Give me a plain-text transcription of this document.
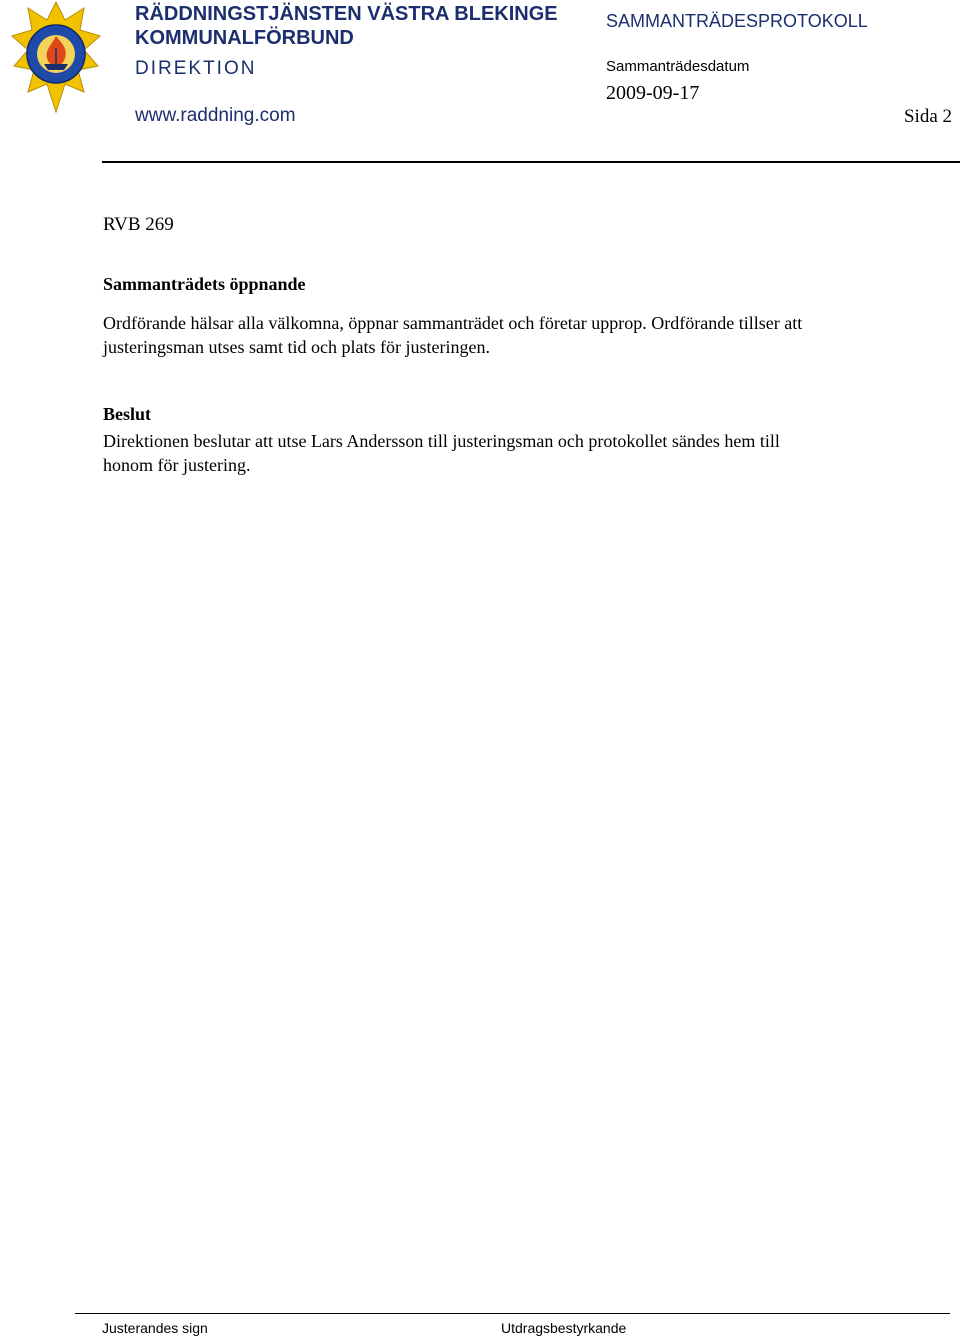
RÄDDNINGSTJÄNSTEN VÄSTRA BLEKINGE
KOMMUNALFÖRBUND
DIREKTION
www.raddning.com
SAMMANTRÄDESPROTOKOLL
Sammanträdesdatum
2009-09-17
Sida 2
RVB 269
Sammanträdets öppnande
Ordförande hälsar alla välkomna, öppnar sammanträdet och företar upprop. Ordförande tillser att
justeringsman utses samt tid och plats för justeringen.
Beslut
Direktionen beslutar att utse Lars Andersson till justeringsman och protokollet sändes hem till
honom för justering.
Justerandes sign	Utdragsbestyrkande
